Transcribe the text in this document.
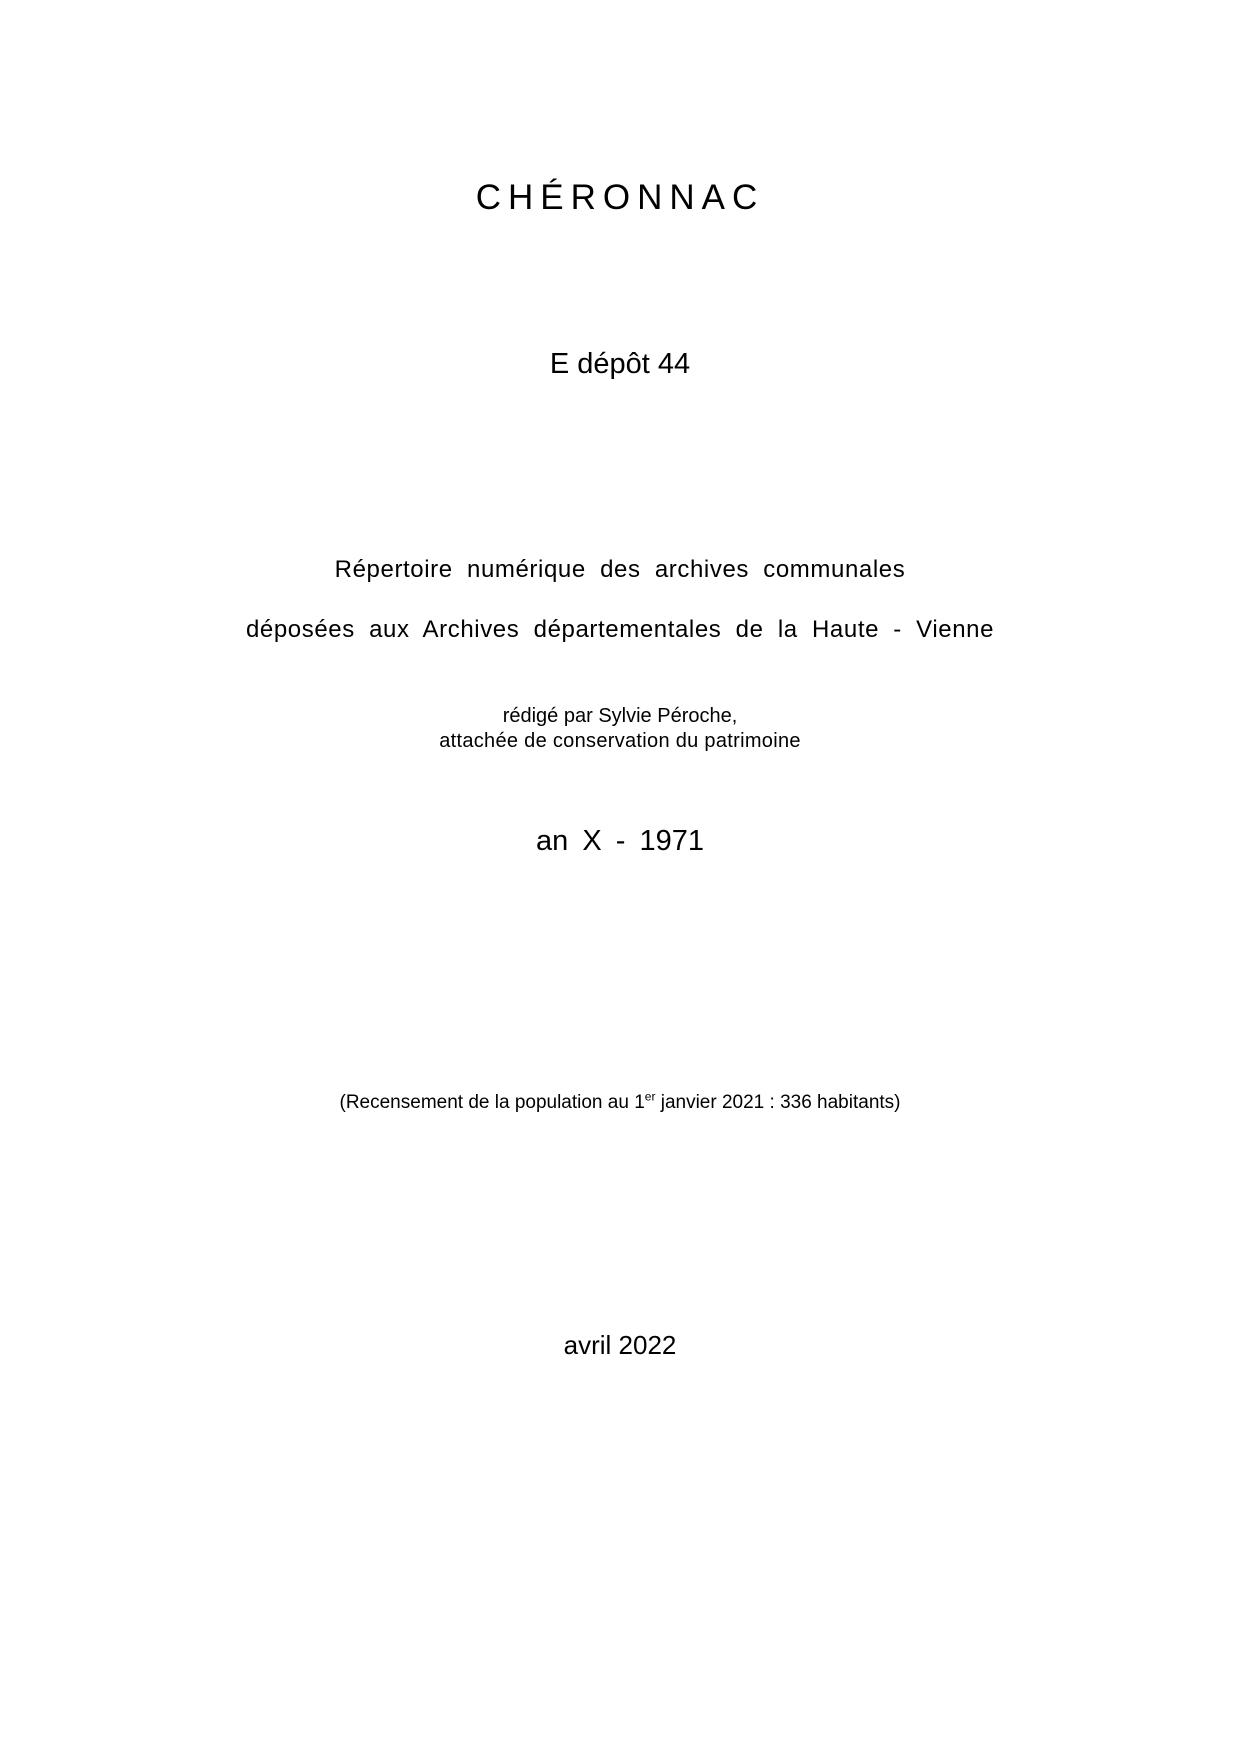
CHÉRONNAC
E dépôt 44
Répertoire numérique des archives communales
déposées aux Archives départementales de la Haute - Vienne
rédigé par Sylvie Péroche,
attachée de conservation du patrimoine
an X - 1971
(Recensement de la population au 1er janvier 2021 : 336 habitants)
avril 2022
